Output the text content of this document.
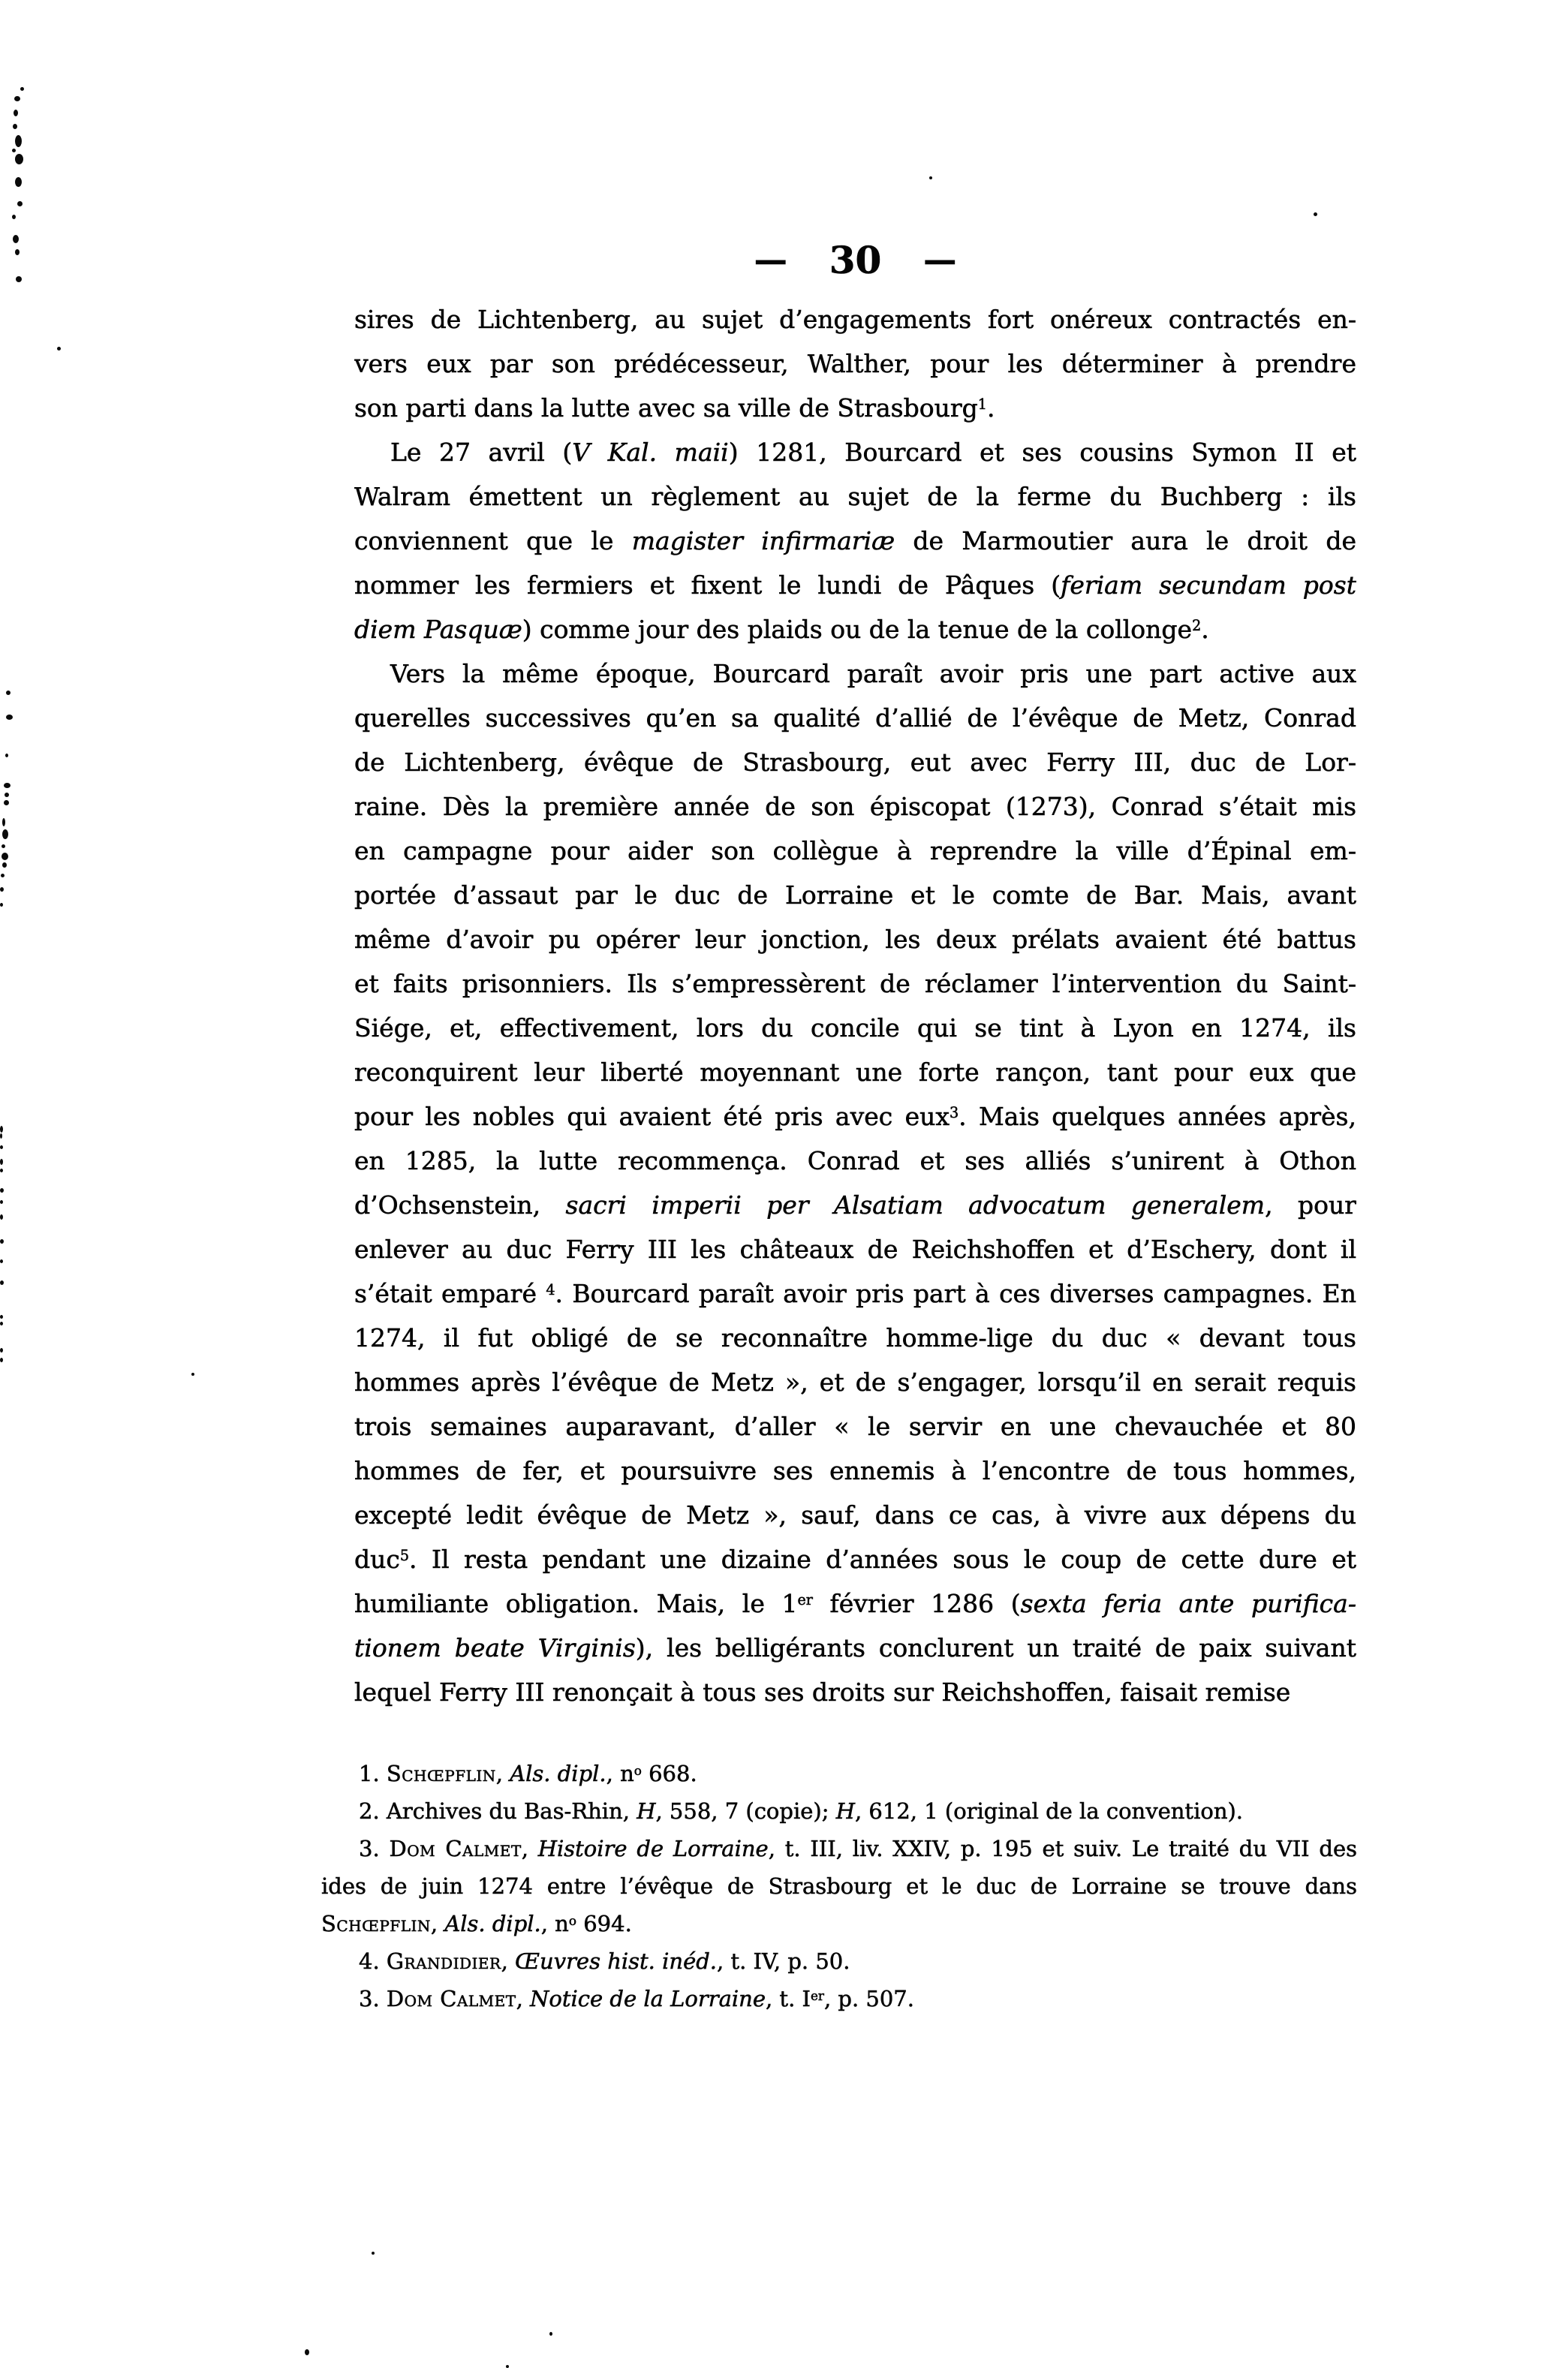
— 30 —
sires de Lichtenberg, au sujet d’engagements fort onéreux contractés en-
vers eux par son prédécesseur, Walther, pour les déterminer à prendre
son parti dans la lutte avec sa ville de Strasbourg$^1$.
Le 27 avril (V Kal. maii) 1281, Bourcard et ses cousins Symon II et
Walram émettent un règlement au sujet de la ferme du Buchberg : ils
conviennent que le magister infirmariæ de Marmoutier aura le droit de
nommer les fermiers et fixent le lundi de Pâques (feriam secundam post
diem Pasquæ) comme jour des plaids ou de la tenue de la collonge$^2$.
Vers la même époque, Bourcard paraît avoir pris une part active aux
querelles successives qu’en sa qualité d’allié de l’évêque de Metz, Conrad
de Lichtenberg, évêque de Strasbourg, eut avec Ferry III, duc de Lor-
raine. Dès la première année de son épiscopat (1273), Conrad s’était mis
en campagne pour aider son collègue à reprendre la ville d’Épinal em-
portée d’assaut par le duc de Lorraine et le comte de Bar. Mais, avant
même d’avoir pu opérer leur jonction, les deux prélats avaient été battus
et faits prisonniers. Ils s’empressèrent de réclamer l’intervention du Saint-
Siége, et, effectivement, lors du concile qui se tint à Lyon en 1274, ils
reconquirent leur liberté moyennant une forte rançon, tant pour eux que
pour les nobles qui avaient été pris avec eux$^3$. Mais quelques années après,
en 1285, la lutte recommença. Conrad et ses alliés s’unirent à Othon
d’Ochsenstein, sacri imperii per Alsatiam advocatum generalem, pour
enlever au duc Ferry III les châteaux de Reichshoffen et d’Eschery, dont il
s’était emparé $^4$. Bourcard paraît avoir pris part à ces diverses campagnes. En
1274, il fut obligé de se reconnaître homme-lige du duc « devant tous
hommes après l’évêque de Metz », et de s’engager, lorsqu’il en serait requis
trois semaines auparavant, d’aller « le servir en une chevauchée et 80
hommes de fer, et poursuivre ses ennemis à l’encontre de tous hommes,
excepté ledit évêque de Metz », sauf, dans ce cas, à vivre aux dépens du
duc$^5$. Il resta pendant une dizaine d’années sous le coup de cette dure et
humiliante obligation. Mais, le 1er février 1286 (sexta feria ante purifica-
tionem beate Virginis), les belligérants conclurent un traité de paix suivant
lequel Ferry III renonçait à tous ses droits sur Reichshoffen, faisait remise
1. Schœpflin, Als. dipl., $n^o$ 668.
2. Archives du Bas-Rhin, H, 558, 7 (copie); H, 612, 1 (original de la convention).
3. Dom Calmet, Histoire de Lorraine, t. III, liv. XXIV, p. 195 et suiv. Le traité du VII des
ides de juin 1274 entre l’évêque de Strasbourg et le duc de Lorraine se trouve dans
Schœpflin, Als. dipl., $n^o$ 694.
4. Grandidier, Œuvres hist. inéd., t. IV, p. 50.
3. Dom Calmet, Notice de la Lorraine, t. Ier, p. 507.
